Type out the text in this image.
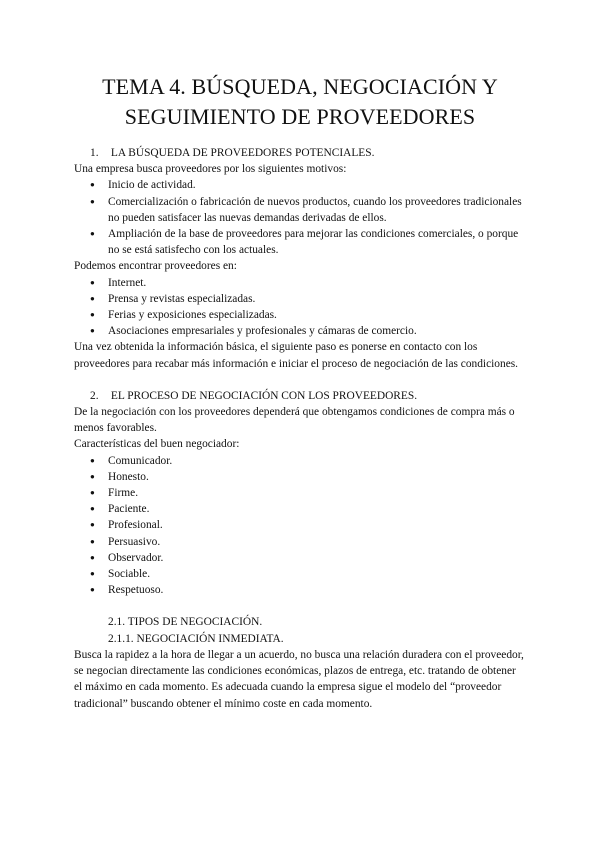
TEMA 4. BÚSQUEDA, NEGOCIACIÓN Y
SEGUIMIENTO DE PROVEEDORES
1. LA BÚSQUEDA DE PROVEEDORES POTENCIALES.

Una empresa busca proveedores por los siguientes motivos:

● Inicio de actividad.
● Comercialización o fabricación de nuevos productos, cuando los proveedores tradicionales no pueden satisfacer las nuevas demandas derivadas de ellos.
● Ampliación de la base de proveedores para mejorar las condiciones comerciales, o porque no se está satisfecho con los actuales.

Podemos encontrar proveedores en:

● Internet.
● Prensa y revistas especializadas.
● Ferias y exposiciones especializadas.
● Asociaciones empresariales y profesionales y cámaras de comercio.

Una vez obtenida la información básica, el siguiente paso es ponerse en contacto con los proveedores para recabar más información e iniciar el proceso de negociación de las condiciones.

2. EL PROCESO DE NEGOCIACIÓN CON LOS PROVEEDORES.

De la negociación con los proveedores dependerá que obtengamos condiciones de compra más o menos favorables.

Características del buen negociador:

● Comunicador.
● Honesto.
● Firme.
● Paciente.
● Profesional.
● Persuasivo.
● Observador.
● Sociable.
● Respetuoso.
2.1. TIPOS DE NEGOCIACIÓN.
2.1.1. NEGOCIACIÓN INMEDIATA.

Busca la rapidez a la hora de llegar a un acuerdo, no busca una relación duradera con el proveedor, se negocian directamente las condiciones económicas, plazos de entrega, etc. tratando de obtener el máximo en cada momento. Es adecuada cuando la empresa sigue el modelo del “proveedor tradicional” buscando obtener el mínimo coste en cada momento.
